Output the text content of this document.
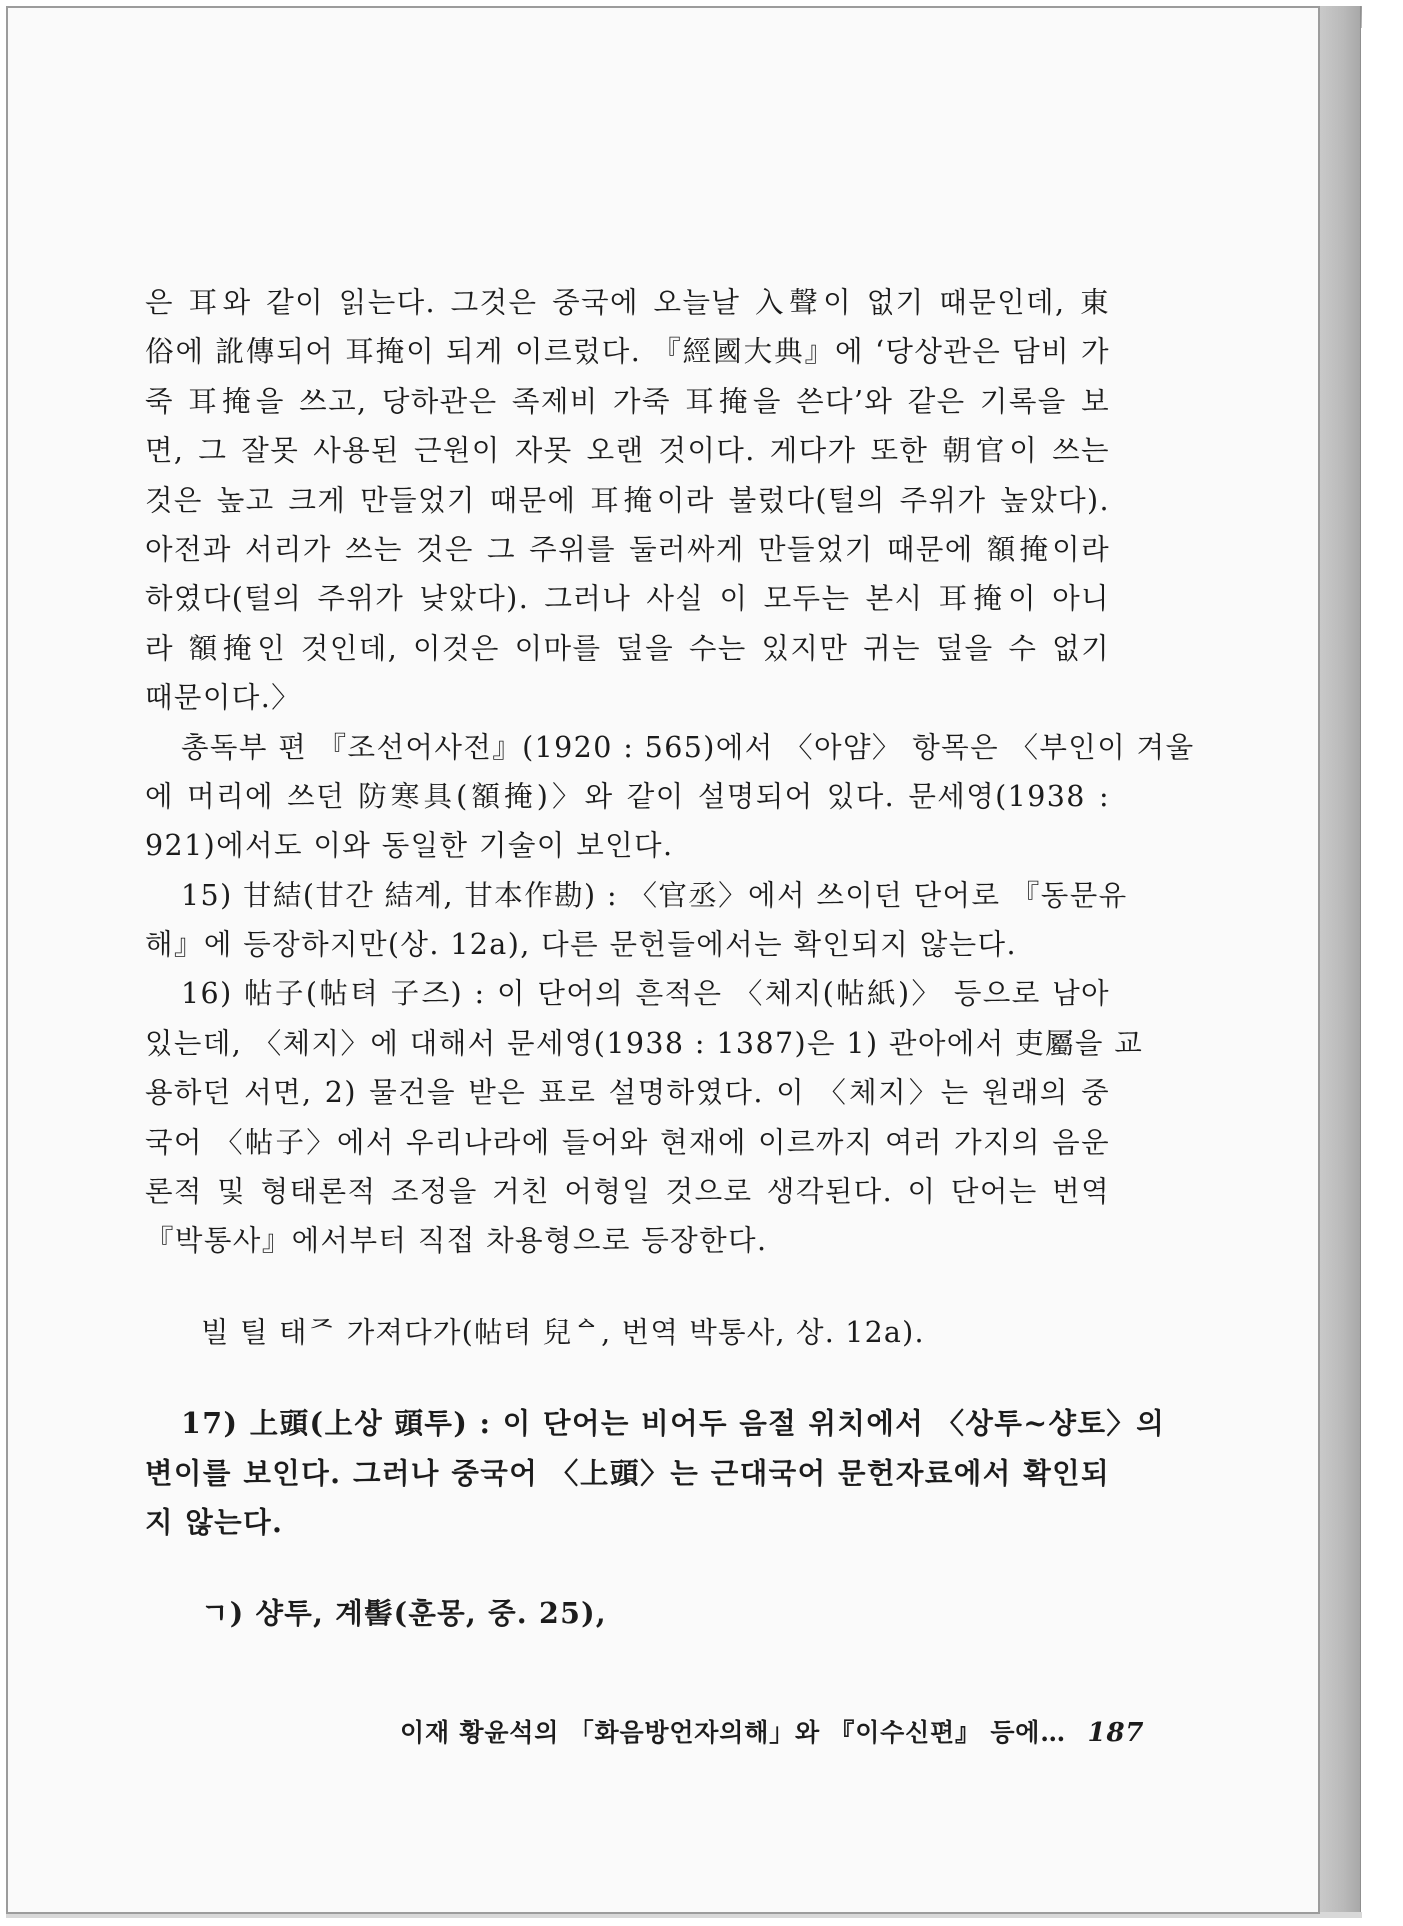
은 耳와 같이 읽는다. 그것은 중국에 오늘날 入聲이 없기 때문인데, 東
俗에 訛傳되어 耳掩이 되게 이르렀다. 『經國大典』에 ‘당상관은 담비 가
죽 耳掩을 쓰고, 당하관은 족제비 가죽 耳掩을 쓴다’와 같은 기록을 보
면, 그 잘못 사용된 근원이 자못 오랜 것이다. 게다가 또한 朝官이 쓰는
것은 높고 크게 만들었기 때문에 耳掩이라 불렀다(털의 주위가 높았다).
아전과 서리가 쓰는 것은 그 주위를 둘러싸게 만들었기 때문에 額掩이라
하였다(털의 주위가 낮았다). 그러나 사실 이 모두는 본시 耳掩이 아니
라 額掩인 것인데, 이것은 이마를 덮을 수는 있지만 귀는 덮을 수 없기
때문이다.〉
총독부 편 『조선어사전』(1920 : 565)에서 〈아얌〉 항목은 〈부인이 겨울
에 머리에 쓰던 防寒具(額掩)〉와 같이 설명되어 있다. 문세영(1938 :
921)에서도 이와 동일한 기술이 보인다.
15) 甘結(甘간 結계, 甘本作勘) : 〈官丞〉에서 쓰이던 단어로 『동문유
해』에 등장하지만(상. 12a), 다른 문헌들에서는 확인되지 않는다.
16) 帖子(帖텨 子즈) : 이 단어의 흔적은 〈체지(帖紙)〉 등으로 남아
있는데, 〈체지〉에 대해서 문세영(1938 : 1387)은 1) 관아에서 吏屬을 교
용하던 서면, 2) 물건을 받은 표로 설명하였다. 이 〈체지〉는 원래의 중
국어 〈帖子〉에서 우리나라에 들어와 현재에 이르까지 여러 가지의 음운
론적 및 형태론적 조정을 거친 어형일 것으로 생각된다. 이 단어는 번역
『박통사』에서부터 직접 차용형으로 등장한다.
빌 틸 태ᄌ 가져다가(帖텨 兒ᅀ, 번역 박통사, 상. 12a).
17) 上頭(上상 頭투) : 이 단어는 비어두 음절 위치에서 〈상투~샹토〉의
변이를 보인다. 그러나 중국어 〈上頭〉는 근대국어 문헌자료에서 확인되
지 않는다.
ㄱ) 샹투, 계髻(훈몽, 중. 25),
이재 황윤석의 「화음방언자의해」와 『이수신편』 등에… 187
